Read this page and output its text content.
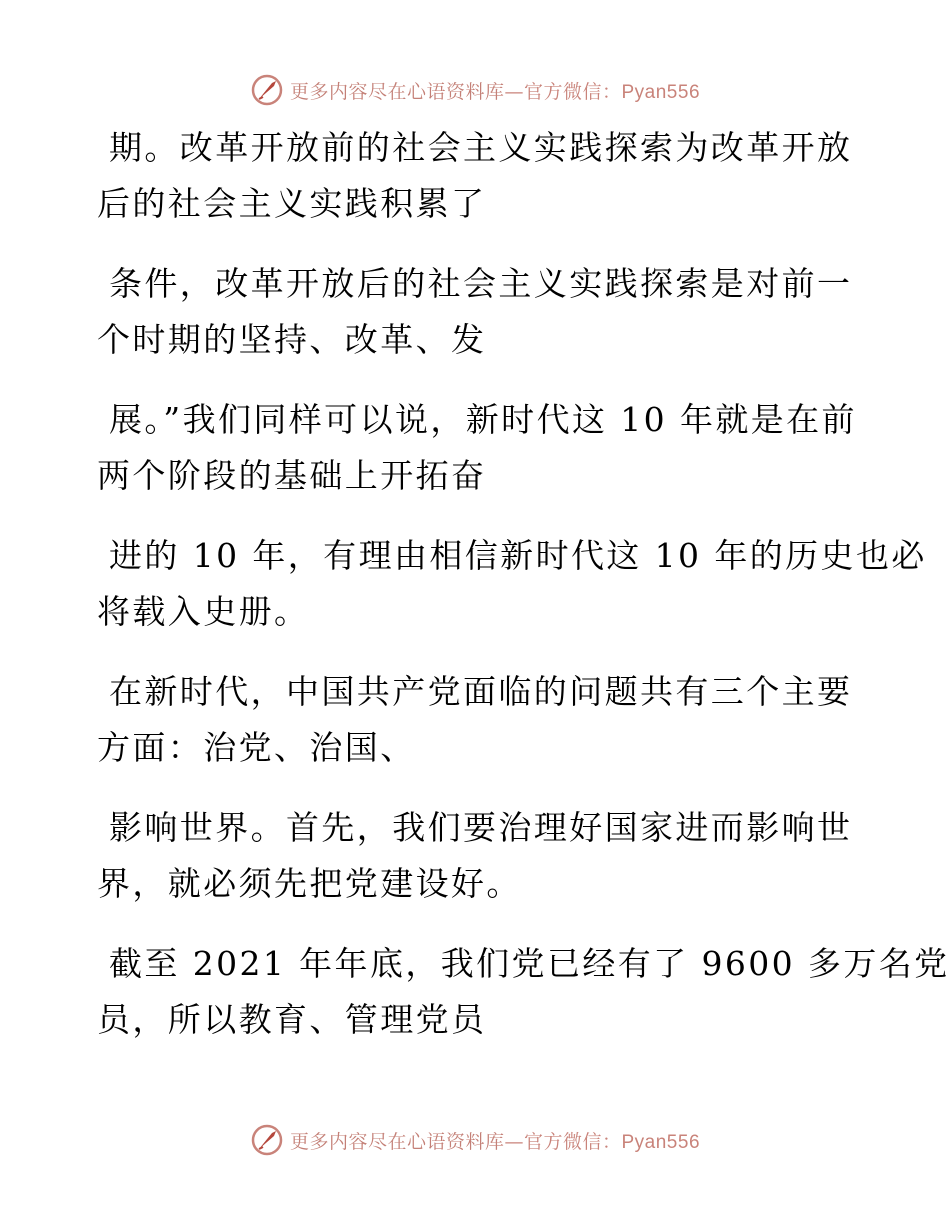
更多内容尽在心语资料库—官方微信：Pyan556

期。改革开放前的社会主义实践探索为改革开放
后的社会主义实践积累了

条件，改革开放后的社会主义实践探索是对前一
个时期的坚持、改革、发

展。”我们同样可以说，新时代这 10 年就是在前
两个阶段的基础上开拓奋

进的 10 年，有理由相信新时代这 10 年的历史也必
将载入史册。

在新时代，中国共产党面临的问题共有三个主要
方面：治党、治国、

影响世界。首先，我们要治理好国家进而影响世
界，就必须先把党建设好。

截至 2021 年年底，我们党已经有了 9600 多万名党
员，所以教育、管理党员

更多内容尽在心语资料库—官方微信：Pyan556
